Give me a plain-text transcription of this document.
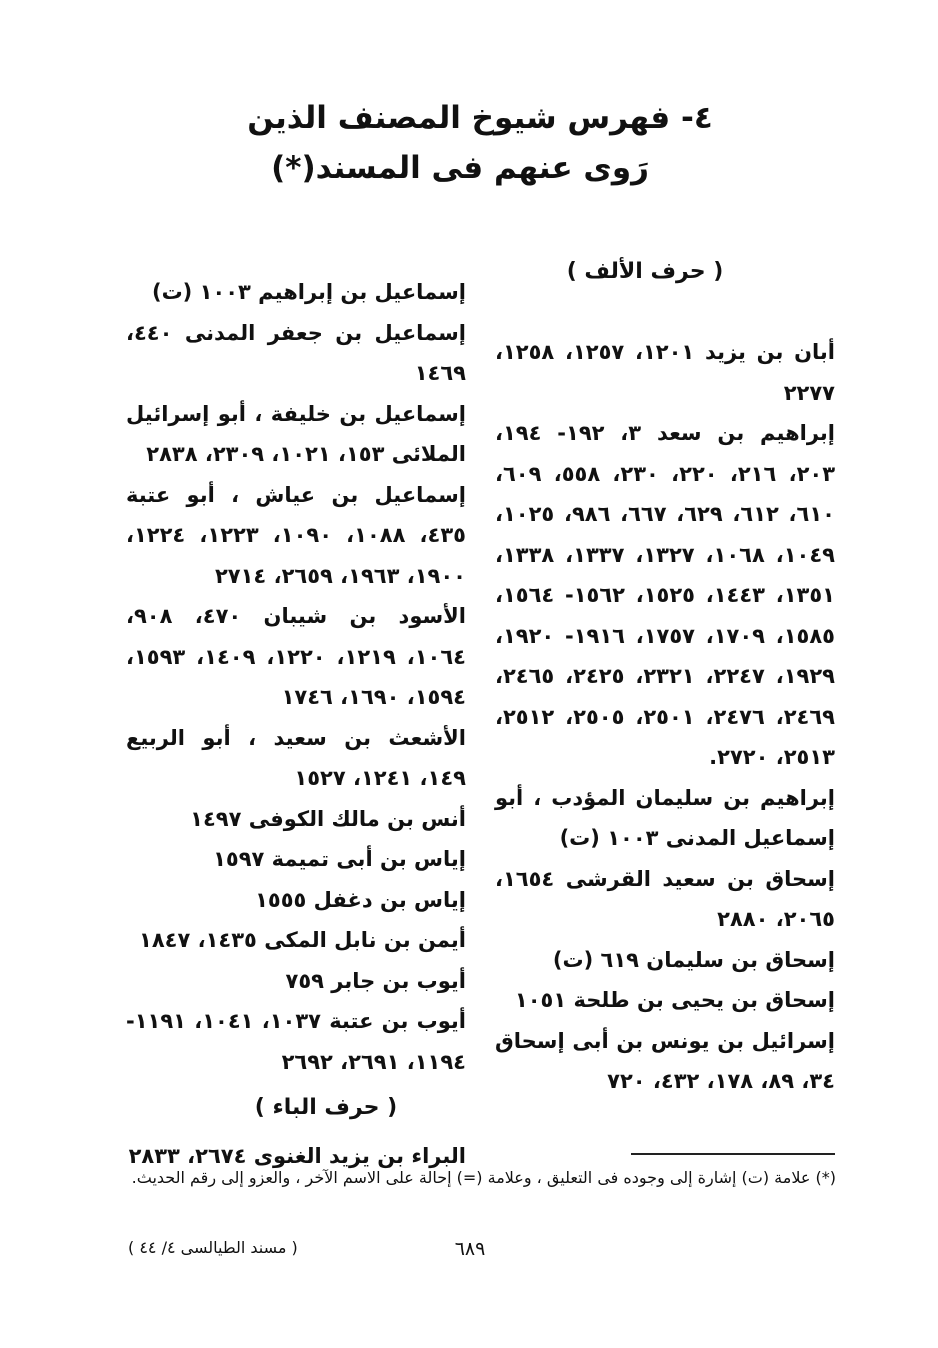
٤- فهرس شيوخ المصنف الذين
رَوى عنهم فى المسند(*)

( حرف الألف )

أبان بن يزيد ١٢٠١، ١٢٥٧، ١٢٥٨، ٢٢٧٧

إبراهيم بن سعد ٣، ١٩٢- ١٩٤، ٢٠٣، ٢١٦، ٢٢٠، ٢٣٠، ٥٥٨، ٦٠٩، ٦١٠، ٦١٢، ٦٢٩، ٦٦٧، ٩٨٦، ١٠٢٥، ١٠٤٩، ١٠٦٨، ١٣٢٧، ١٣٣٧، ١٣٣٨، ١٣٥١، ١٤٤٣، ١٥٢٥، ١٥٦٢- ١٥٦٤، ١٥٨٥، ١٧٠٩، ١٧٥٧، ١٩١٦- ١٩٢٠، ١٩٢٩، ٢٢٤٧، ٢٣٢١، ٢٤٢٥، ٢٤٦٥، ٢٤٦٩، ٢٤٧٦، ٢٥٠١، ٢٥٠٥، ٢٥١٢، ٢٥١٣، ٢٧٢٠.

إبراهيم بن سليمان المؤدب ، أبو إسماعيل المدنى ١٠٠٣ (ت)

إسحاق بن سعيد القرشى ١٦٥٤، ٢٠٦٥، ٢٨٨٠

إسحاق بن سليمان ٦١٩ (ت)

إسحاق بن يحيى بن طلحة ١٠٥١

إسرائيل بن يونس بن أبى إسحاق ٣٤، ٨٩، ١٧٨، ٤٣٢، ٧٢٠

إسماعيل بن إبراهيم ١٠٠٣ (ت)

إسماعيل بن جعفر المدنى ٤٤٠، ١٤٦٩

إسماعيل بن خليفة ، أبو إسرائيل الملائى ١٥٣، ١٠٢١، ٢٣٠٩، ٢٨٣٨

إسماعيل بن عياش ، أبو عتبة ٤٣٥، ١٠٨٨، ١٠٩٠، ١٢٢٣، ١٢٢٤، ١٩٠٠، ١٩٦٣، ٢٦٥٩، ٢٧١٤

الأسود بن شيبان ٤٧٠، ٩٠٨، ١٠٦٤، ١٢١٩، ١٢٢٠، ١٤٠٩، ١٥٩٣، ١٥٩٤، ١٦٩٠، ١٧٤٦

الأشعث بن سعيد ، أبو الربيع ١٤٩، ١٢٤١، ١٥٢٧

أنس بن مالك الكوفى ١٤٩٧

إياس بن أبى تميمة ١٥٩٧

إياس بن دغفل ١٥٥٥

أيمن بن نابل المكى ١٤٣٥، ١٨٤٧

أيوب بن جابر ٧٥٩

أيوب بن عتبة ١٠٣٧، ١٠٤١، ١١٩١- ١١٩٤، ٢٦٩١، ٢٦٩٢

( حرف الباء )

البراء بن يزيد الغنوى ٢٦٧٤، ٢٨٣٣

(*) علامة (ت) إشارة إلى وجوده فى التعليق ، وعلامة (=) إحالة على الاسم الآخر ، والعزو إلى رقم الحديث.
٦٨٩
( مسند الطيالسى ٤/ ٤٤ )
